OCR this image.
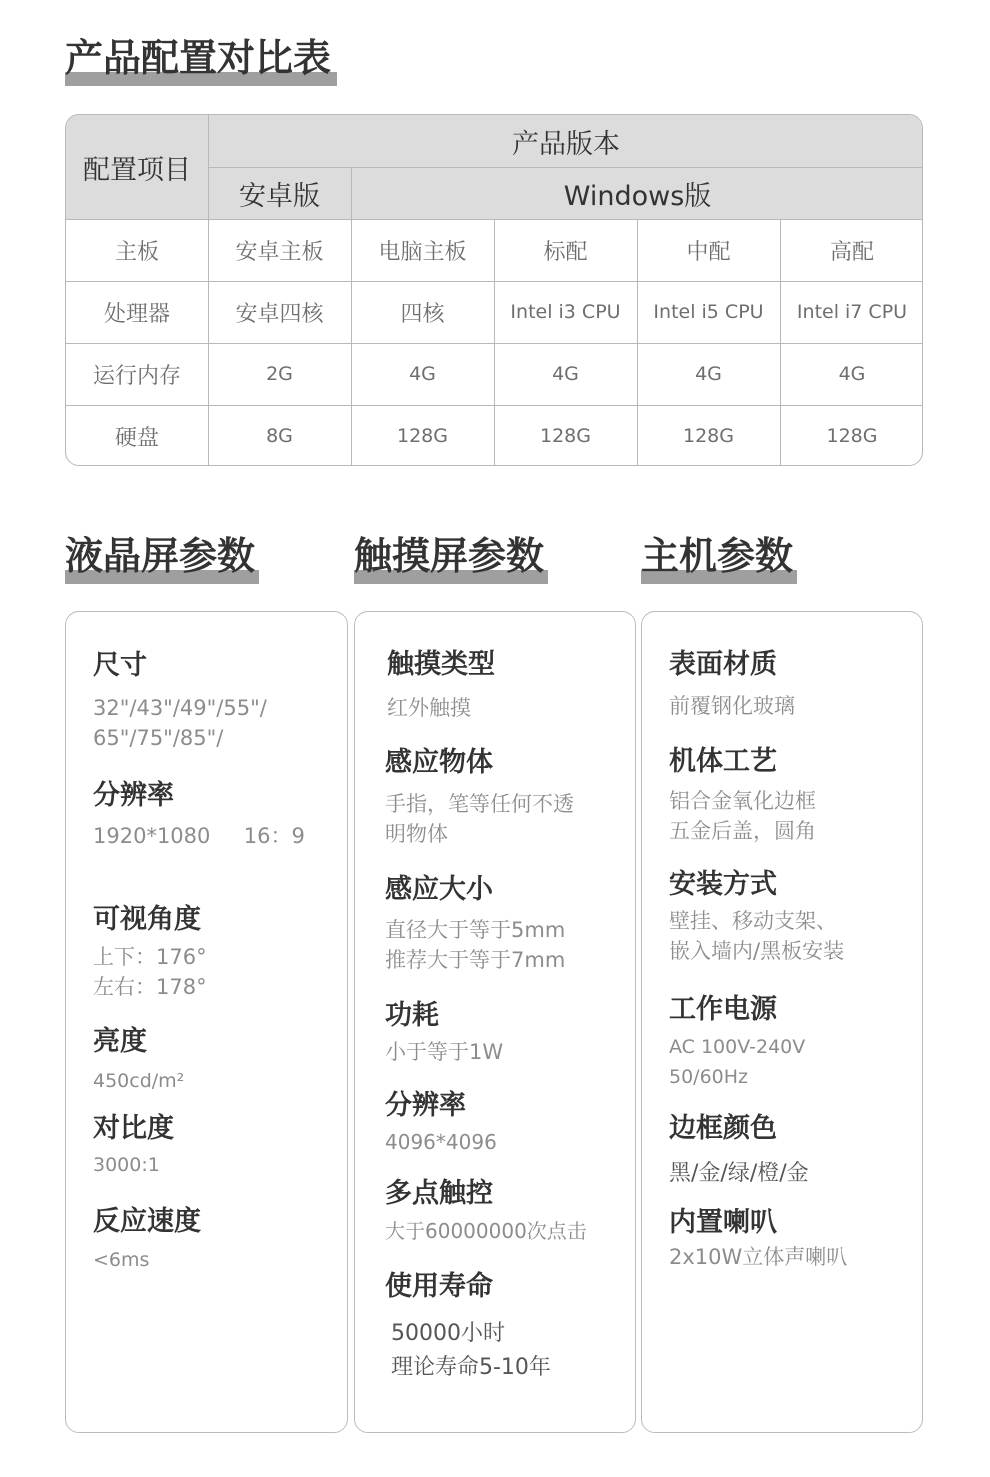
产品配置对比表
配置项目
产品版本
安卓版	Windows版
主板	安卓主板	电脑主板	标配	中配	高配
处理器	安卓四核	四核	Intel i3 CPU	Intel i5 CPU	Intel i7 CPU
运行内存	2G	4G	4G	4G	4G
硬盘	8G	128G	128G	128G	128G
液晶屏参数	触摸屏参数	主机参数
尺寸
32"/43"/49"/55"/
65"/75"/85"/
分辨率
1920*1080     16：9
可视角度
上下：176°
左右：178°
亮度
450cd/m²
对比度
3000:1
反应速度
<6ms
触摸类型
红外触摸
感应物体
手指，笔等任何不透
明物体
感应大小
直径大于等于5mm
推荐大于等于7mm
功耗
小于等于1W
分辨率
4096*4096
多点触控
大于60000000次点击
使用寿命
50000小时
理论寿命5-10年
表面材质
前覆钢化玻璃
机体工艺
铝合金氧化边框
五金后盖，圆角
安装方式
壁挂、移动支架、
嵌入墙内/黑板安装
工作电源
AC 100V-240V
50/60Hz
边框颜色
黑/金/绿/橙/金
内置喇叭
2x10W立体声喇叭
